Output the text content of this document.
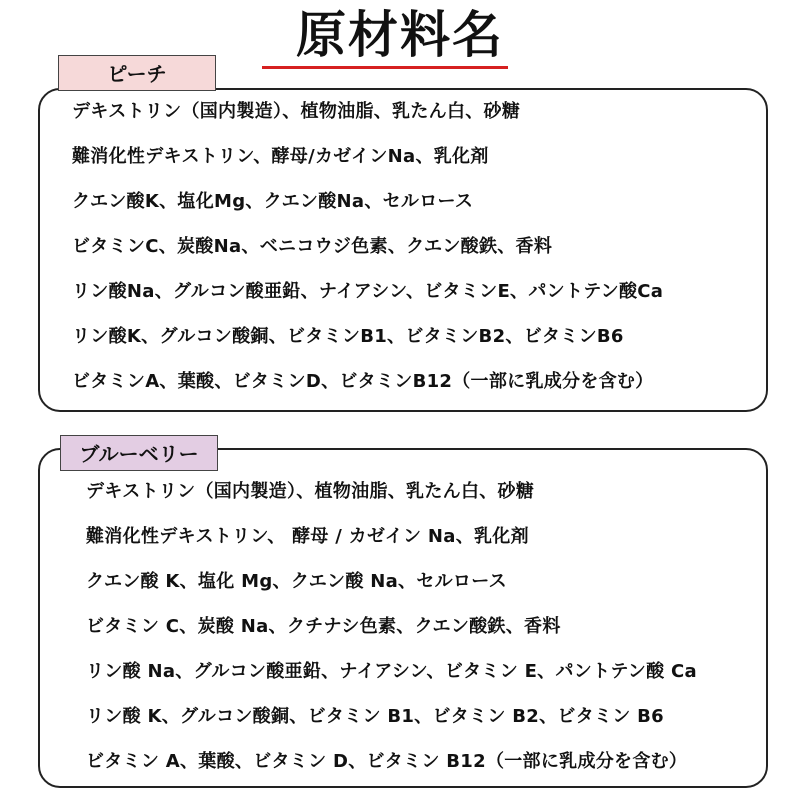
原材料名
ピーチ
デキストリン（国内製造）、植物油脂、乳たん白、砂糖
難消化性デキストリン、酵母/カゼインNa、乳化剤
クエン酸K、塩化Mg、クエン酸Na、セルロース
ビタミンC、炭酸Na、ベニコウジ色素、クエン酸鉄、香料
リン酸Na、グルコン酸亜鉛、ナイアシン、ビタミンE、パントテン酸Ca
リン酸K、グルコン酸銅、ビタミンB1、ビタミンB2、ビタミンB6
ビタミンA、葉酸、ビタミンD、ビタミンB12（一部に乳成分を含む）
ブルーベリー
デキストリン（国内製造）、植物油脂、乳たん白、砂糖
難消化性デキストリン、 酵母 / カゼイン Na、乳化剤
クエン酸 K、塩化 Mg、クエン酸 Na、セルロース
ビタミン C、炭酸 Na、クチナシ色素、クエン酸鉄、香料
リン酸 Na、グルコン酸亜鉛、ナイアシン、ビタミン E、パントテン酸 Ca
リン酸 K、グルコン酸銅、ビタミン B1、ビタミン B2、ビタミン B6
ビタミン A、葉酸、ビタミン D、ビタミン B12（一部に乳成分を含む）
